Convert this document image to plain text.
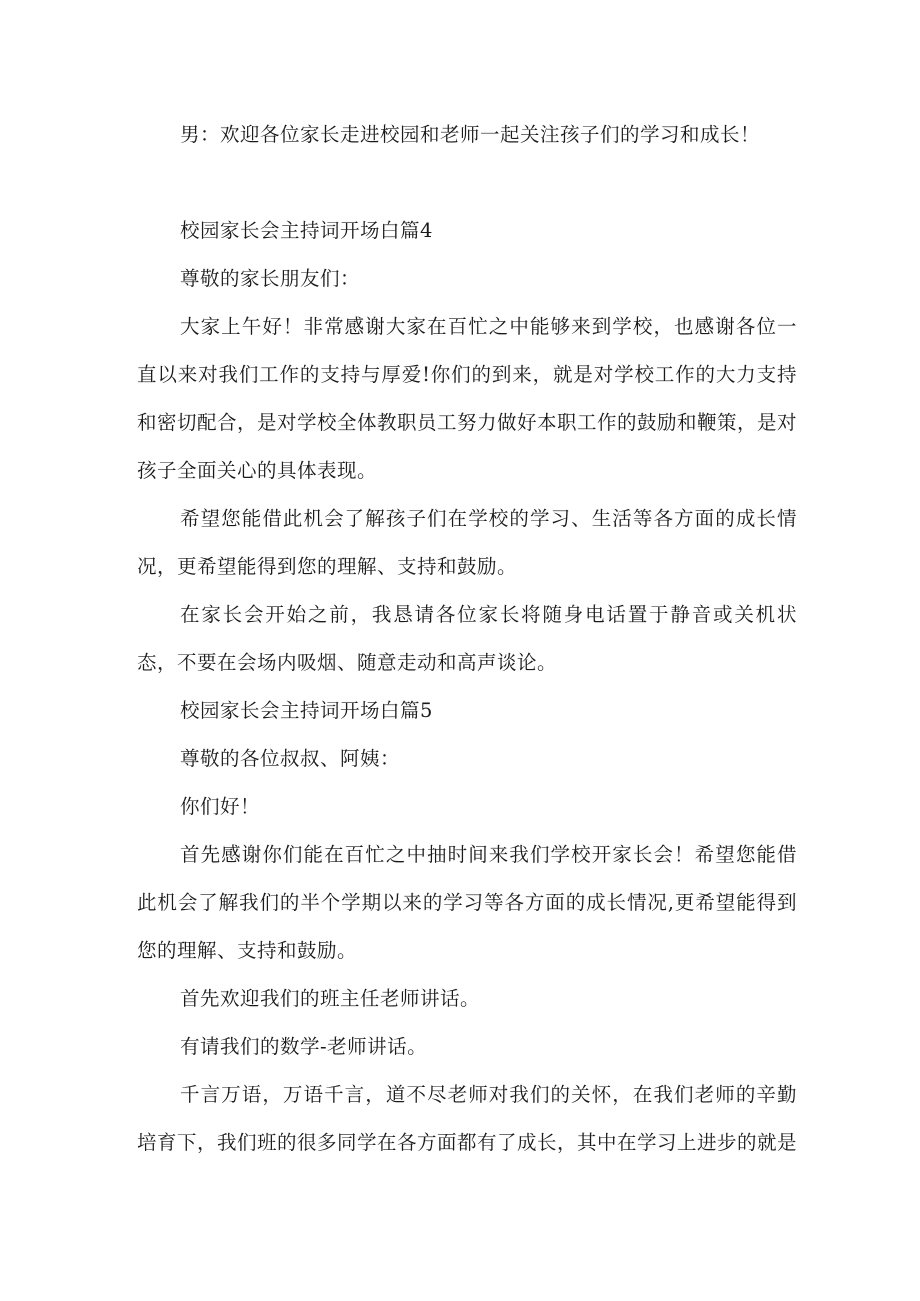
男：欢迎各位家长走进校园和老师一起关注孩子们的学习和成长！

校园家长会主持词开场白篇4

尊敬的家长朋友们：

大家上午好！非常感谢大家在百忙之中能够来到学校，也感谢各位一直以来对我们工作的支持与厚爱!你们的到来，就是对学校工作的大力支持和密切配合，是对学校全体教职员工努力做好本职工作的鼓励和鞭策，是对孩子全面关心的具体表现。

希望您能借此机会了解孩子们在学校的学习、生活等各方面的成长情况，更希望能得到您的理解、支持和鼓励。

在家长会开始之前，我恳请各位家长将随身电话置于静音或关机状态，不要在会场内吸烟、随意走动和高声谈论。

校园家长会主持词开场白篇5

尊敬的各位叔叔、阿姨：

你们好！

首先感谢你们能在百忙之中抽时间来我们学校开家长会！希望您能借此机会了解我们的半个学期以来的学习等各方面的成长情况,更希望能得到您的理解、支持和鼓励。

首先欢迎我们的班主任老师讲话。

有请我们的数学-老师讲话。

千言万语，万语千言，道不尽老师对我们的关怀，在我们老师的辛勤培育下，我们班的很多同学在各方面都有了成长，其中在学习上进步的就是
